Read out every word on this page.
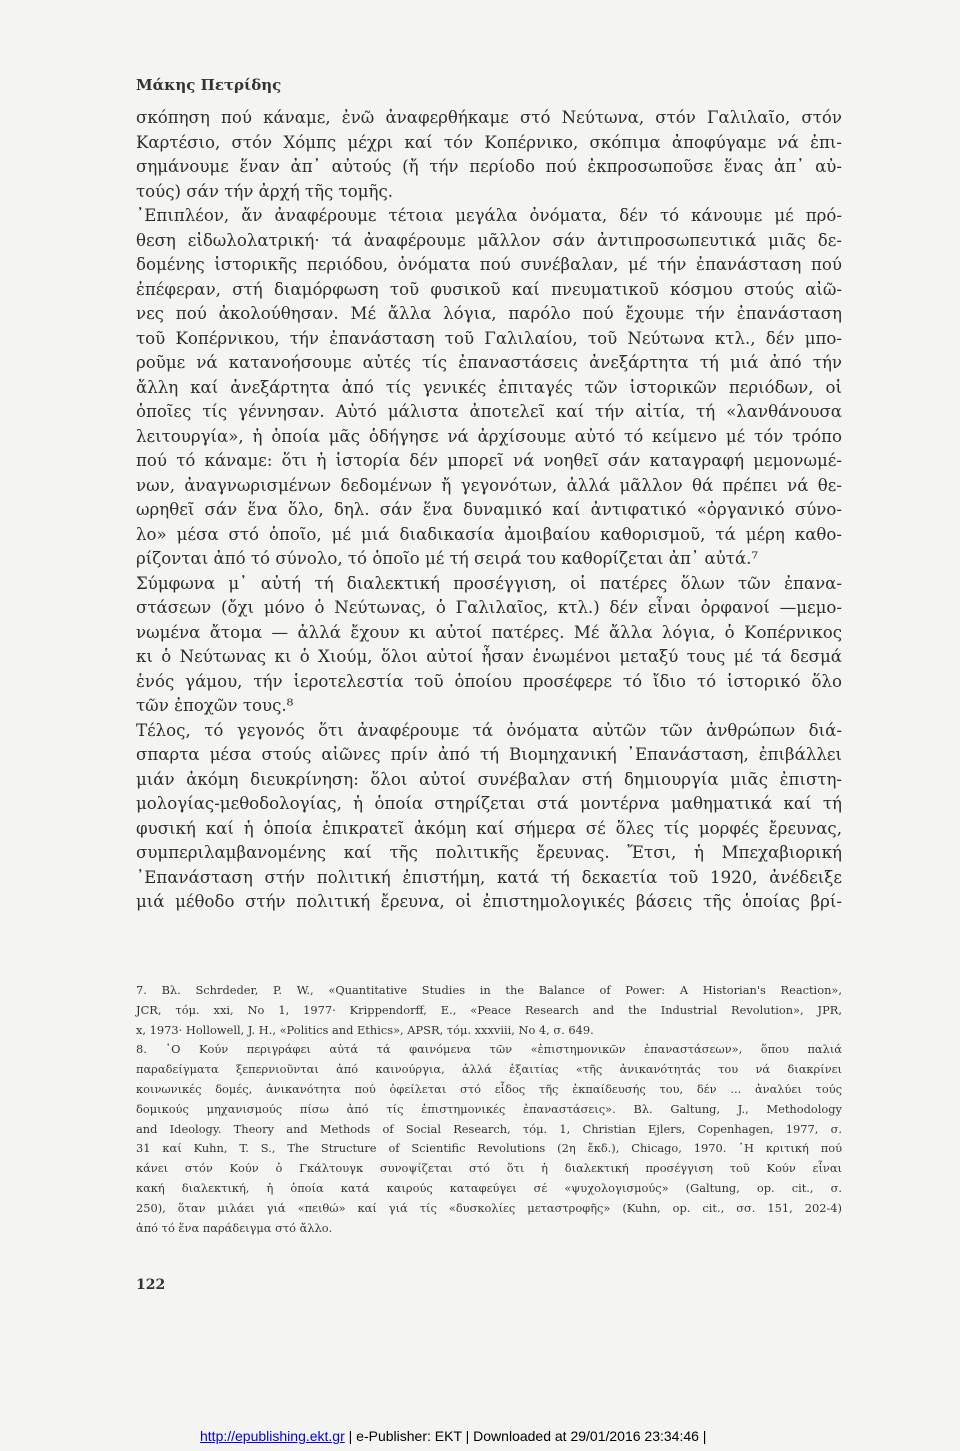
Μάκης Πετρίδης
σκόπηση πού κάναμε, ἐνῶ ἀναφερθήκαμε στό Νεύτωνα, στόν Γαλιλαῖο, στόν
Καρτέσιο, στόν Χόμπς μέχρι καί τόν Κοπέρνικο, σκόπιμα ἀποφύγαμε νά ἐπι-
σημάνουμε ἕναν ἀπ᾽ αὐτούς (ἤ τήν περίοδο πού ἐκπροσωποῦσε ἕνας ἀπ᾽ αὐ-
τούς) σάν τήν ἀρχή τῆς τομῆς.
᾿Επιπλέον, ἄν ἀναφέρουμε τέτοια μεγάλα ὀνόματα, δέν τό κάνουμε μέ πρό-
θεση εἰδωλολατρική· τά ἀναφέρουμε μᾶλλον σάν ἀντιπροσωπευτικά μιᾶς δε-
δομένης ἱστορικῆς περιόδου, ὀνόματα πού συνέβαλαν, μέ τήν ἐπανάσταση πού
ἐπέφεραν, στή διαμόρφωση τοῦ φυσικοῦ καί πνευματικοῦ κόσμου στούς αἰῶ-
νες πού ἀκολούθησαν. Μέ ἄλλα λόγια, παρόλο πού ἔχουμε τήν ἐπανάσταση
τοῦ Κοπέρνικου, τήν ἐπανάσταση τοῦ Γαλιλαίου, τοῦ Νεύτωνα κτλ., δέν μπο-
ροῦμε νά κατανοήσουμε αὐτές τίς ἐπαναστάσεις ἀνεξάρτητα τή μιά ἀπό τήν
ἄλλη καί ἀνεξάρτητα ἀπό τίς γενικές ἐπιταγές τῶν ἱστορικῶν περιόδων, οἱ
ὁποῖες τίς γέννησαν. Αὐτό μάλιστα ἀποτελεῖ καί τήν αἰτία, τή «λανθάνουσα
λειτουργία», ἡ ὁποία μᾶς ὁδήγησε νά ἀρχίσουμε αὐτό τό κείμενο μέ τόν τρόπο
πού τό κάναμε: ὅτι ἡ ἱστορία δέν μπορεῖ νά νοηθεῖ σάν καταγραφή μεμονωμέ-
νων, ἀναγνωρισμένων δεδομένων ἤ γεγονότων, ἀλλά μᾶλλον θά πρέπει νά θε-
ωρηθεῖ σάν ἕνα ὅλο, δηλ. σάν ἕνα δυναμικό καί ἀντιφατικό «ὀργανικό σύνο-
λο» μέσα στό ὁποῖο, μέ μιά διαδικασία ἀμοιβαίου καθορισμοῦ, τά μέρη καθο-
ρίζονται ἀπό τό σύνολο, τό ὁποῖο μέ τή σειρά του καθορίζεται ἀπ᾽ αὐτά.⁷
Σύμφωνα μ᾽ αὐτή τή διαλεκτική προσέγγιση, οἱ πατέρες ὅλων τῶν ἐπανα-
στάσεων (ὄχι μόνο ὁ Νεύτωνας, ὁ Γαλιλαῖος, κτλ.) δέν εἶναι ὀρφανοί —μεμο-
νωμένα ἄτομα — ἀλλά ἔχουν κι αὐτοί πατέρες. Μέ ἄλλα λόγια, ὁ Κοπέρνικος
κι ὁ Νεύτωνας κι ὁ Χιούμ, ὅλοι αὐτοί ἦσαν ἑνωμένοι μεταξύ τους μέ τά δεσμά
ἑνός γάμου, τήν ἱεροτελεστία τοῦ ὁποίου προσέφερε τό ἴδιο τό ἱστορικό ὅλο
τῶν ἐποχῶν τους.⁸
Τέλος, τό γεγονός ὅτι ἀναφέρουμε τά ὀνόματα αὐτῶν τῶν ἀνθρώπων διά-
σπαρτα μέσα στούς αἰῶνες πρίν ἀπό τή Βιομηχανική ᾿Επανάσταση, ἐπιβάλλει
μιάν ἀκόμη διευκρίνηση: ὅλοι αὐτοί συνέβαλαν στή δημιουργία μιᾶς ἐπιστη-
μολογίας-μεθοδολογίας, ἡ ὁποία στηρίζεται στά μοντέρνα μαθηματικά καί τή
φυσική καί ἡ ὁποία ἐπικρατεῖ ἀκόμη καί σήμερα σέ ὅλες τίς μορφές ἔρευνας,
συμπεριλαμβανομένης καί τῆς πολιτικῆς ἔρευνας. Ἔτσι, ἡ Μπεχαβιορική
᾿Επανάσταση στήν πολιτική ἐπιστήμη, κατά τή δεκαετία τοῦ 1920, ἀνέδειξε
μιά μέθοδο στήν πολιτική ἔρευνα, οἱ ἐπιστημολογικές βάσεις τῆς ὁποίας βρί-
7. Βλ. Schrdeder, P. W., «Quantitative Studies in the Balance of Power: A Historian's Reaction»,
JCR, τόμ. xxi, No 1, 1977· Krippendorff, E., «Peace Research and the Industrial Revolution», JPR,
x, 1973· Hollowell, J. H., «Politics and Ethics», APSR, τόμ. xxxviii, No 4, σ. 649.
8. ῾Ο Κούν περιγράφει αὐτά τά φαινόμενα τῶν «ἐπιστημονικῶν ἐπαναστάσεων», ὅπου παλιά
παραδείγματα ξεπερνιοῦνται ἀπό καινούργια, ἀλλά ἐξαιτίας «τῆς ἀνικανότητάς του νά διακρίνει
κοινωνικές δομές, ἀνικανότητα πού ὀφείλεται στό εἶδος τῆς ἐκπαίδευσής του, δέν ... ἀναλύει τούς
δομικούς μηχανισμούς πίσω ἀπό τίς ἐπιστημονικές ἐπαναστάσεις». Βλ. Galtung, J., Methodology
and Ideology. Theory and Methods of Social Research, τόμ. 1, Christian Ejlers, Copenhagen, 1977, σ.
31 καί Kuhn, T. S., The Structure of Scientific Revolutions (2η ἔκδ.), Chicago, 1970. ῾Η κριτική πού
κάνει στόν Κούν ὁ Γκάλτουγκ συνοψίζεται στό ὅτι ἡ διαλεκτική προσέγγιση τοῦ Κούν εἶναι
κακή διαλεκτική, ἡ ὁποία κατά καιρούς καταφεύγει σέ «ψυχολογισμούς» (Galtung, op. cit., σ.
250), ὅταν μιλάει γιά «πειθώ» καί γιά τίς «δυσκολίες μεταστροφῆς» (Kuhn, op. cit., σσ. 151, 202-4)
ἀπό τό ἕνα παράδειγμα στό ἄλλο.
122
http://epublishing.ekt.gr | e-Publisher: EKT | Downloaded at 29/01/2016 23:34:46 |
